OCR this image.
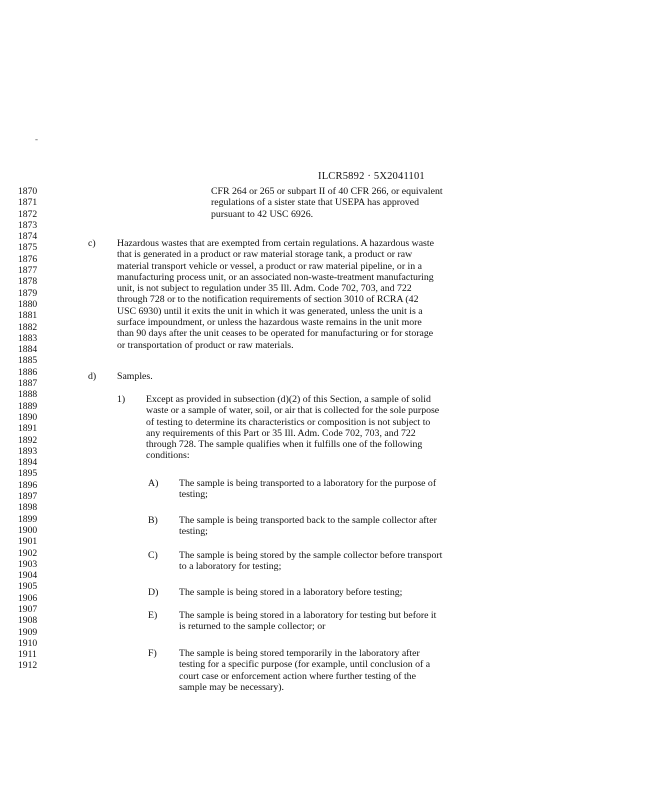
-
ILCR5892 · 5X2041101
1870
1871
1872
1873
1874
1875
1876
1877
1878
1879
1880
1881
1882
1883
1884
1885
1886
1887
1888
1889
1890
1891
1892
1893
1894
1895
1896
1897
1898
1899
1900
1901
1902
1903
1904
1905
1906
1907
1908
1909
1910
1911
1912
CFR 264 or 265 or subpart II of 40 CFR 266, or equivalent
regulations of a sister state that USEPA has approved
pursuant to 42 USC 6926.
c) Hazardous wastes that are exempted from certain regulations. A hazardous waste
that is generated in a product or raw material storage tank, a product or raw
material transport vehicle or vessel, a product or raw material pipeline, or in a
manufacturing process unit, or an associated non-waste-treatment manufacturing
unit, is not subject to regulation under 35 Ill. Adm. Code 702, 703, and 722
through 728 or to the notification requirements of section 3010 of RCRA (42
USC 6930) until it exits the unit in which it was generated, unless the unit is a
surface impoundment, or unless the hazardous waste remains in the unit more
than 90 days after the unit ceases to be operated for manufacturing or for storage
or transportation of product or raw materials.
d) Samples.
1) Except as provided in subsection (d)(2) of this Section, a sample of solid
waste or a sample of water, soil, or air that is collected for the sole purpose
of testing to determine its characteristics or composition is not subject to
any requirements of this Part or 35 Ill. Adm. Code 702, 703, and 722
through 728. The sample qualifies when it fulfills one of the following
conditions:
A) The sample is being transported to a laboratory for the purpose of
testing;
B) The sample is being transported back to the sample collector after
testing;
C) The sample is being stored by the sample collector before transport
to a laboratory for testing;
D) The sample is being stored in a laboratory before testing;
E) The sample is being stored in a laboratory for testing but before it
is returned to the sample collector; or
F) The sample is being stored temporarily in the laboratory after
testing for a specific purpose (for example, until conclusion of a
court case or enforcement action where further testing of the
sample may be necessary).
